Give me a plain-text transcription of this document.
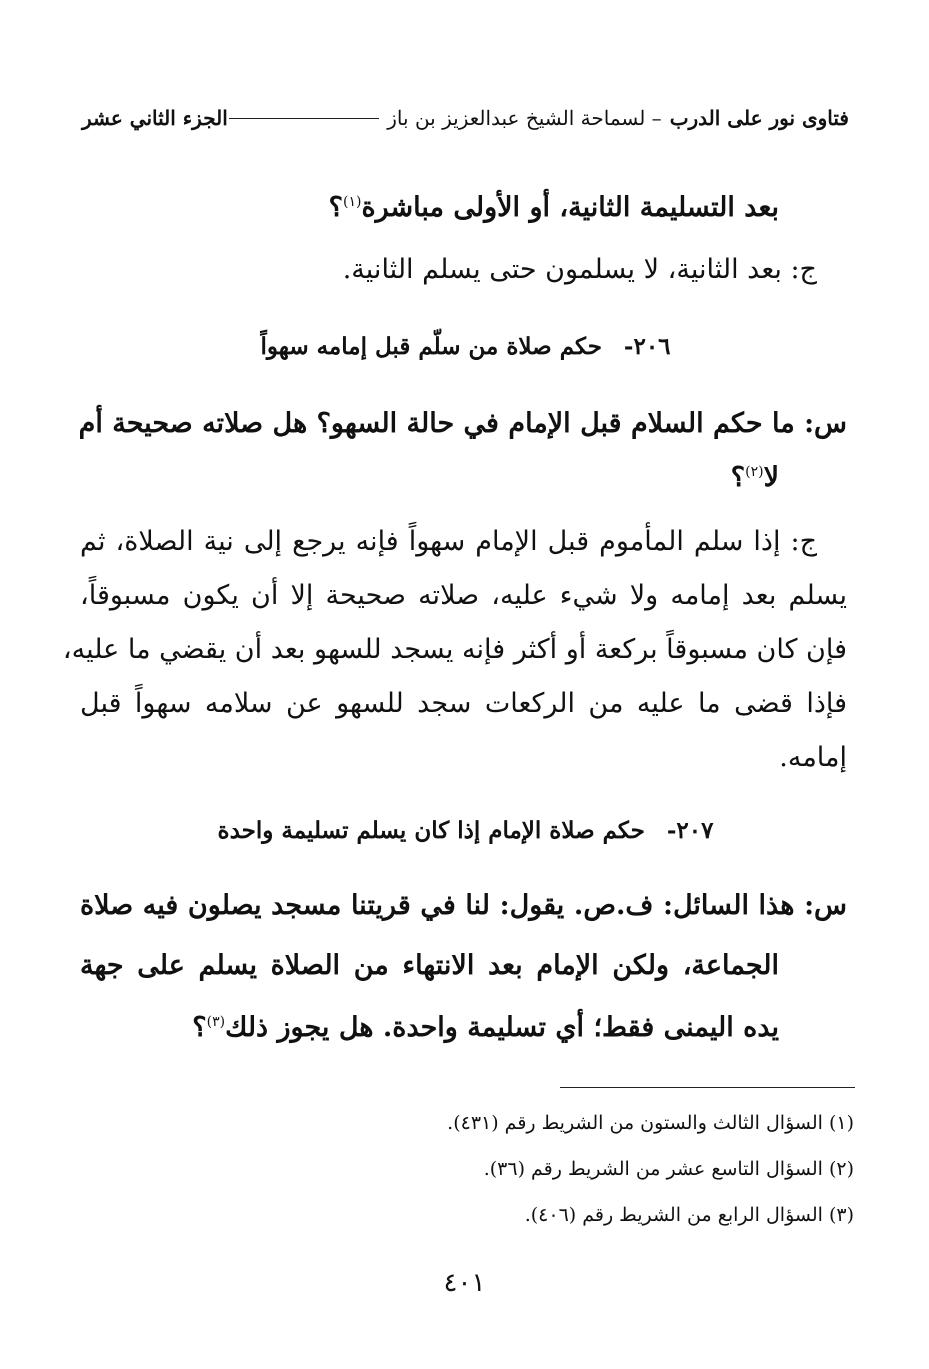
فتاوى نور على الدرب
– لسماحة الشيخ عبدالعزيز بن باز
الجزء الثاني عشر
بعد التسليمة الثانية، أو الأولى مباشرة$^{(١)}$؟
ج: بعد الثانية، لا يسلمون حتى يسلم الثانية.
٢٠٦-حكم صلاة من سلّم قبل إمامه سهواً
س: ما حكم السلام قبل الإمام في حالة السهو؟ هل صلاته صحيحة أم
لا$^{(٢)}$؟
ج: إذا سلم المأموم قبل الإمام سهواً فإنه يرجع إلى نية الصلاة، ثم
يسلم بعد إمامه ولا شيء عليه، صلاته صحيحة إلا أن يكون مسبوقاً،
فإن كان مسبوقاً بركعة أو أكثر فإنه يسجد للسهو بعد أن يقضي ما عليه،
فإذا قضى ما عليه من الركعات سجد للسهو عن سلامه سهواً قبل
إمامه.
٢٠٧-حكم صلاة الإمام إذا كان يسلم تسليمة واحدة
س: هذا السائل: ف.ص. يقول: لنا في قريتنا مسجد يصلون فيه صلاة
الجماعة، ولكن الإمام بعد الانتهاء من الصلاة يسلم على جهة
يده اليمنى فقط؛ أي تسليمة واحدة. هل يجوز ذلك$^{(٣)}$؟
(١) السؤال الثالث والستون من الشريط رقم (٤٣١).
(٢) السؤال التاسع عشر من الشريط رقم (٣٦).
(٣) السؤال الرابع من الشريط رقم (٤٠٦).
٤٠١
